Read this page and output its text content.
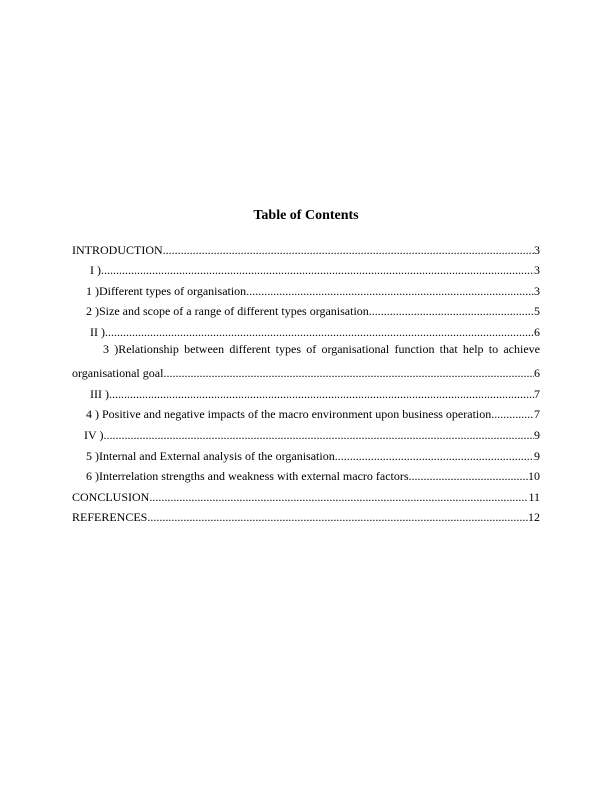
Table of Contents
INTRODUCTION .....	3
I ) .....	3
1 )Different types of organisation .....	3
2 )Size and scope of a range of different types organisation .....	5
II ) .....	6
3 )Relationship between different types of organisational function that help to achieve
organisational goal .....	6
III ) .....	7
4 ) Positive and negative impacts of the macro environment upon business operation .....	7
IV ) .....	9
5 )Internal and External analysis of the organisation .....	9
6 )Interrelation strengths and weakness with external macro factors .....	10
CONCLUSION .....	11
REFERENCES .....	12
